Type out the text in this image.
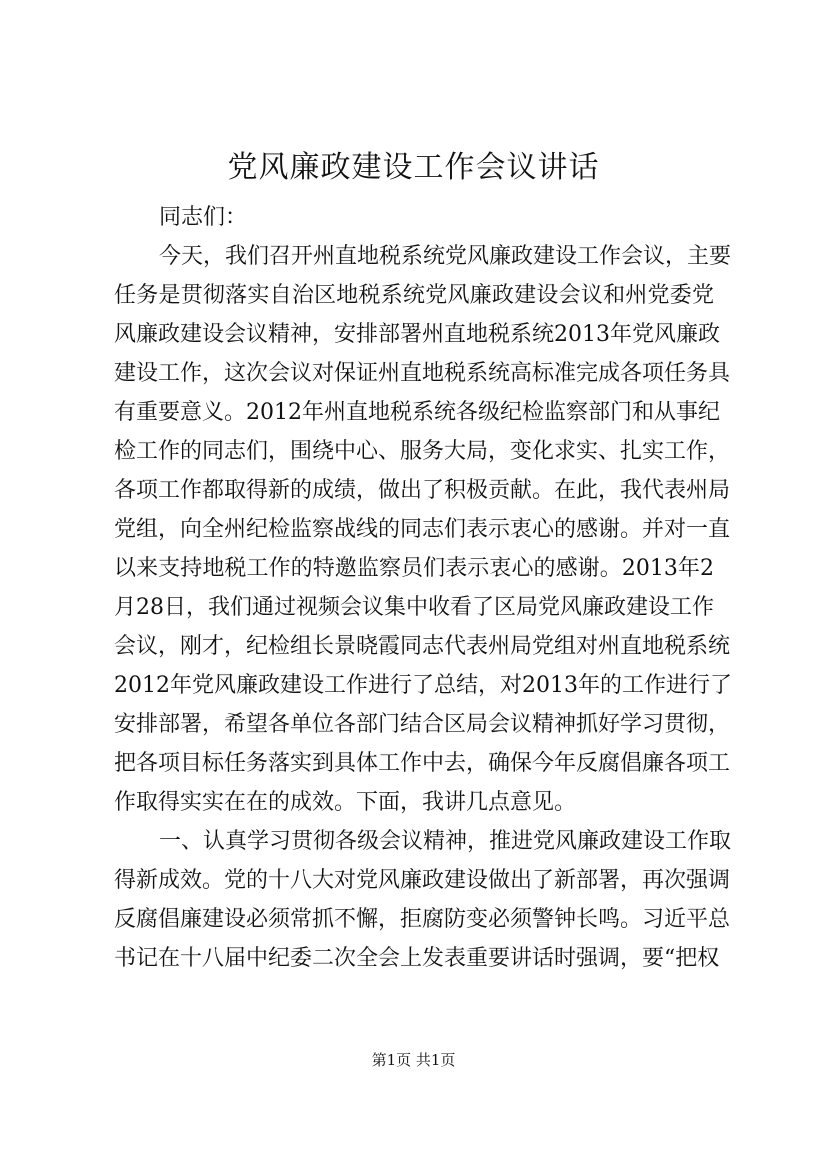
党风廉政建设工作会议讲话
同志们：
今天，我们召开州直地税系统党风廉政建设工作会议，主要
任务是贯彻落实自治区地税系统党风廉政建设会议和州党委党
风廉政建设会议精神，安排部署州直地税系统2013年党风廉政
建设工作，这次会议对保证州直地税系统高标准完成各项任务具
有重要意义。2012年州直地税系统各级纪检监察部门和从事纪
检工作的同志们，围绕中心、服务大局，变化求实、扎实工作，
各项工作都取得新的成绩，做出了积极贡献。在此，我代表州局
党组，向全州纪检监察战线的同志们表示衷心的感谢。并对一直
以来支持地税工作的特邀监察员们表示衷心的感谢。2013年2
月28日，我们通过视频会议集中收看了区局党风廉政建设工作
会议，刚才，纪检组长景晓霞同志代表州局党组对州直地税系统
2012年党风廉政建设工作进行了总结，对2013年的工作进行了
安排部署，希望各单位各部门结合区局会议精神抓好学习贯彻，
把各项目标任务落实到具体工作中去，确保今年反腐倡廉各项工
作取得实实在在的成效。下面，我讲几点意见。
一、认真学习贯彻各级会议精神，推进党风廉政建设工作取
得新成效。党的十八大对党风廉政建设做出了新部署，再次强调
反腐倡廉建设必须常抓不懈，拒腐防变必须警钟长鸣。习近平总
书记在十八届中纪委二次全会上发表重要讲话时强调，要“把权
第1页 共1页
